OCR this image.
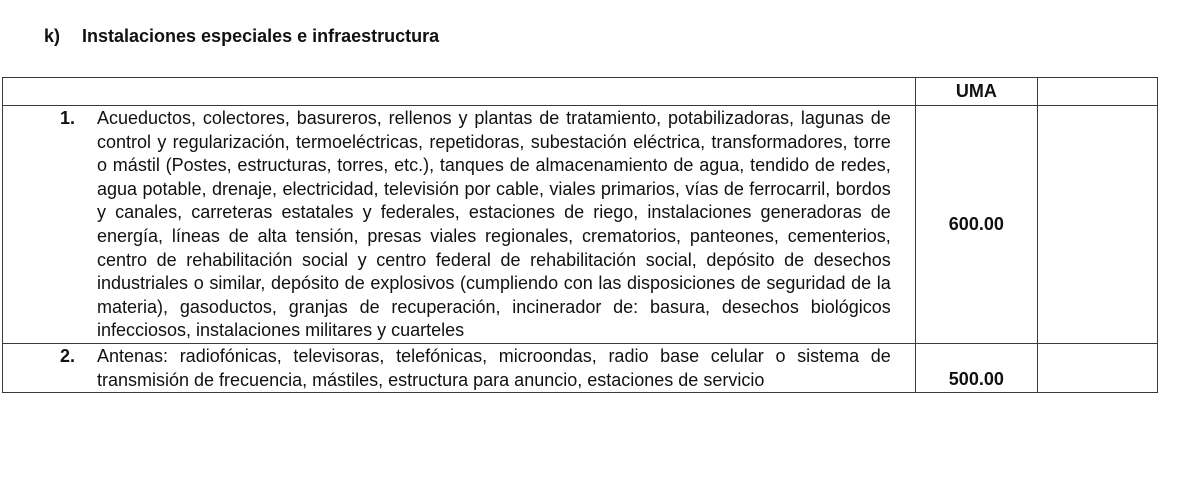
k) Instalaciones especiales e infraestructura
	UMA	

1. Acueductos, colectores, basureros, rellenos y plantas de tratamiento, potabilizadoras, lagunas de control y regularización, termoeléctricas, repetidoras, subestación eléctrica, transformadores, torre o mástil (Postes, estructuras, torres, etc.), tanques de almacenamiento de agua, tendido de redes, agua potable, drenaje, electricidad, televisión por cable, viales primarios, vías de ferrocarril, bordos y canales, carreteras estatales y federales, estaciones de riego, instalaciones generadoras de energía, líneas de alta tensión, presas viales regionales, crematorios, panteones, cementerios, centro de rehabilitación social y centro federal de rehabilitación social, depósito de desechos industriales o similar, depósito de explosivos (cumpliendo con las disposiciones de seguridad de la materia), gasoductos, granjas de recuperación, incinerador de: basura, desechos biológicos infecciosos, instalaciones militares y cuarteles	600.00	

2. Antenas: radiofónicas, televisoras, telefónicas, microondas, radio base celular o sistema de transmisión de frecuencia, mástiles, estructura para anuncio, estaciones de servicio	500.00	
